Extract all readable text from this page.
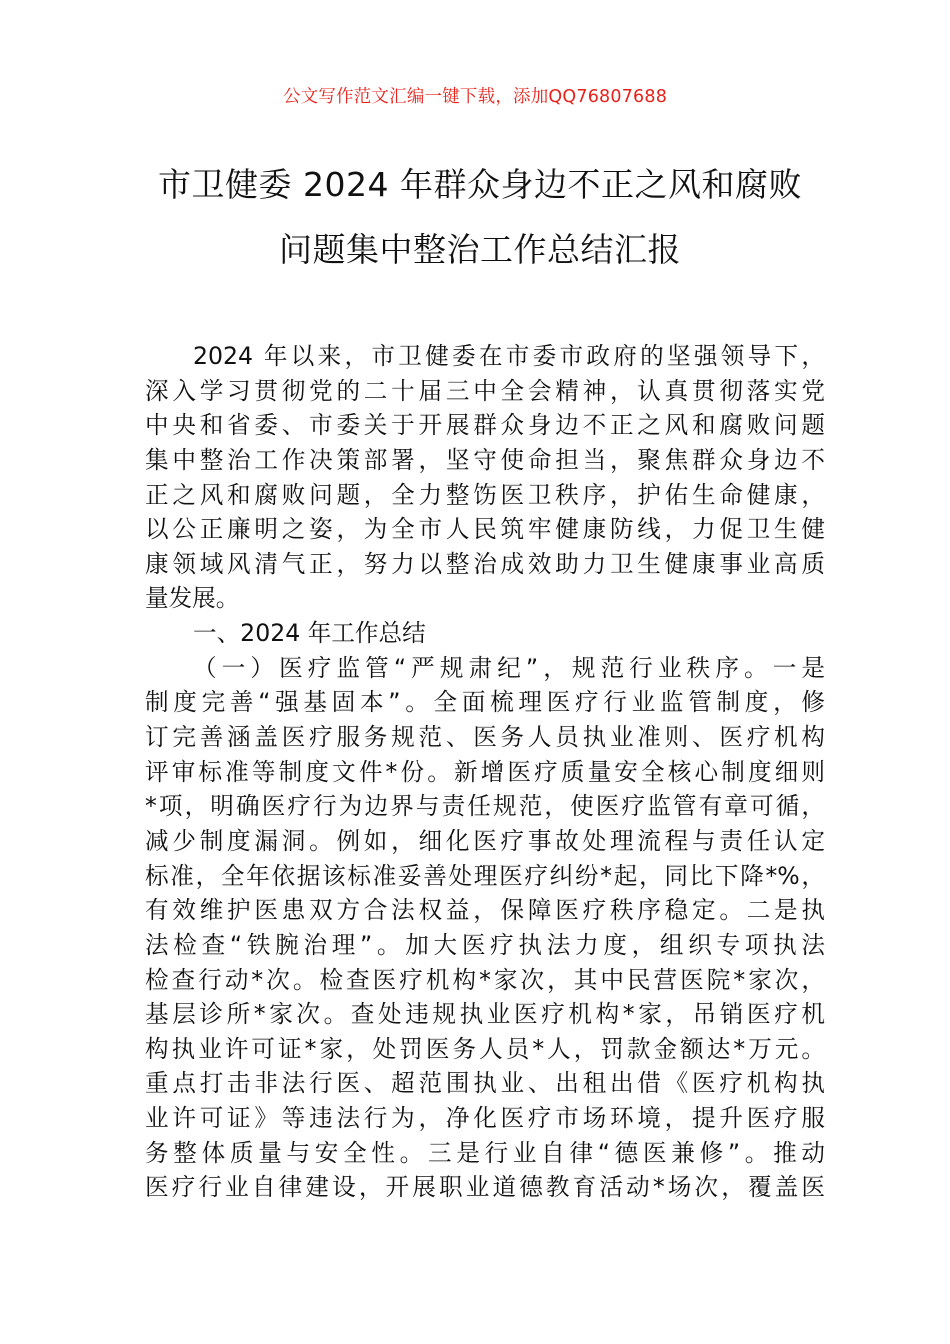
公文写作范文汇编一键下载，添加QQ76807688
市卫健委 2024 年群众身边不正之风和腐败
问题集中整治工作总结汇报
2024 年以来，市卫健委在市委市政府的坚强领导下，
深入学习贯彻党的二十届三中全会精神，认真贯彻落实党
中央和省委、市委关于开展群众身边不正之风和腐败问题
集中整治工作决策部署，坚守使命担当，聚焦群众身边不
正之风和腐败问题，全力整饬医卫秩序，护佑生命健康，
以公正廉明之姿，为全市人民筑牢健康防线，力促卫生健
康领域风清气正，努力以整治成效助力卫生健康事业高质
量发展。
一、2024 年工作总结
（一）医疗监管“严规肃纪”，规范行业秩序。一是
制度完善“强基固本”。全面梳理医疗行业监管制度，修
订完善涵盖医疗服务规范、医务人员执业准则、医疗机构
评审标准等制度文件*份。新增医疗质量安全核心制度细则
*项，明确医疗行为边界与责任规范，使医疗监管有章可循，
减少制度漏洞。例如，细化医疗事故处理流程与责任认定
标准，全年依据该标准妥善处理医疗纠纷*起，同比下降*%，
有效维护医患双方合法权益，保障医疗秩序稳定。二是执
法检查“铁腕治理”。加大医疗执法力度，组织专项执法
检查行动*次。检查医疗机构*家次，其中民营医院*家次，
基层诊所*家次。查处违规执业医疗机构*家，吊销医疗机
构执业许可证*家，处罚医务人员*人，罚款金额达*万元。
重点打击非法行医、超范围执业、出租出借《医疗机构执
业许可证》等违法行为，净化医疗市场环境，提升医疗服
务整体质量与安全性。三是行业自律“德医兼修”。推动
医疗行业自律建设，开展职业道德教育活动*场次，覆盖医
